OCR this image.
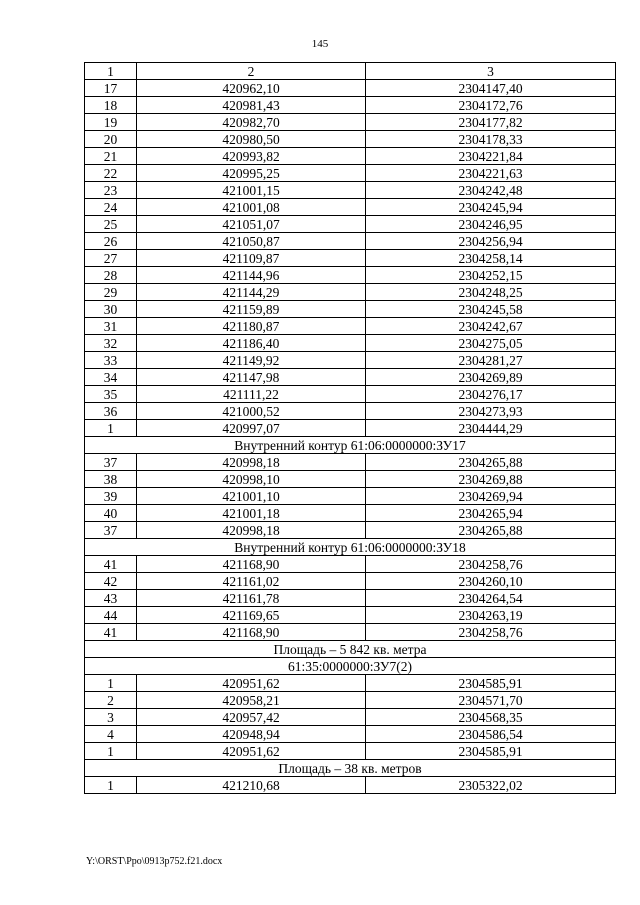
145
1	2	3
17	420962,10	2304147,40
18	420981,43	2304172,76
19	420982,70	2304177,82
20	420980,50	2304178,33
21	420993,82	2304221,84
22	420995,25	2304221,63
23	421001,15	2304242,48
24	421001,08	2304245,94
25	421051,07	2304246,95
26	421050,87	2304256,94
27	421109,87	2304258,14
28	421144,96	2304252,15
29	421144,29	2304248,25
30	421159,89	2304245,58
31	421180,87	2304242,67
32	421186,40	2304275,05
33	421149,92	2304281,27
34	421147,98	2304269,89
35	421111,22	2304276,17
36	421000,52	2304273,93
1	420997,07	2304444,29
Внутренний контур 61:06:0000000:ЗУ17		
37	420998,18	2304265,88
38	420998,10	2304269,88
39	421001,10	2304269,94
40	421001,18	2304265,94
37	420998,18	2304265,88
Внутренний контур 61:06:0000000:ЗУ18		
41	421168,90	2304258,76
42	421161,02	2304260,10
43	421161,78	2304264,54
44	421169,65	2304263,19
41	421168,90	2304258,76
Площадь – 5 842 кв. метра		
61:35:0000000:ЗУ7(2)		
1	420951,62	2304585,91
2	420958,21	2304571,70
3	420957,42	2304568,35
4	420948,94	2304586,54
1	420951,62	2304585,91
Площадь – 38 кв. метров		
1	421210,68	2305322,02
Y:\ORST\Ppo\0913p752.f21.docx
